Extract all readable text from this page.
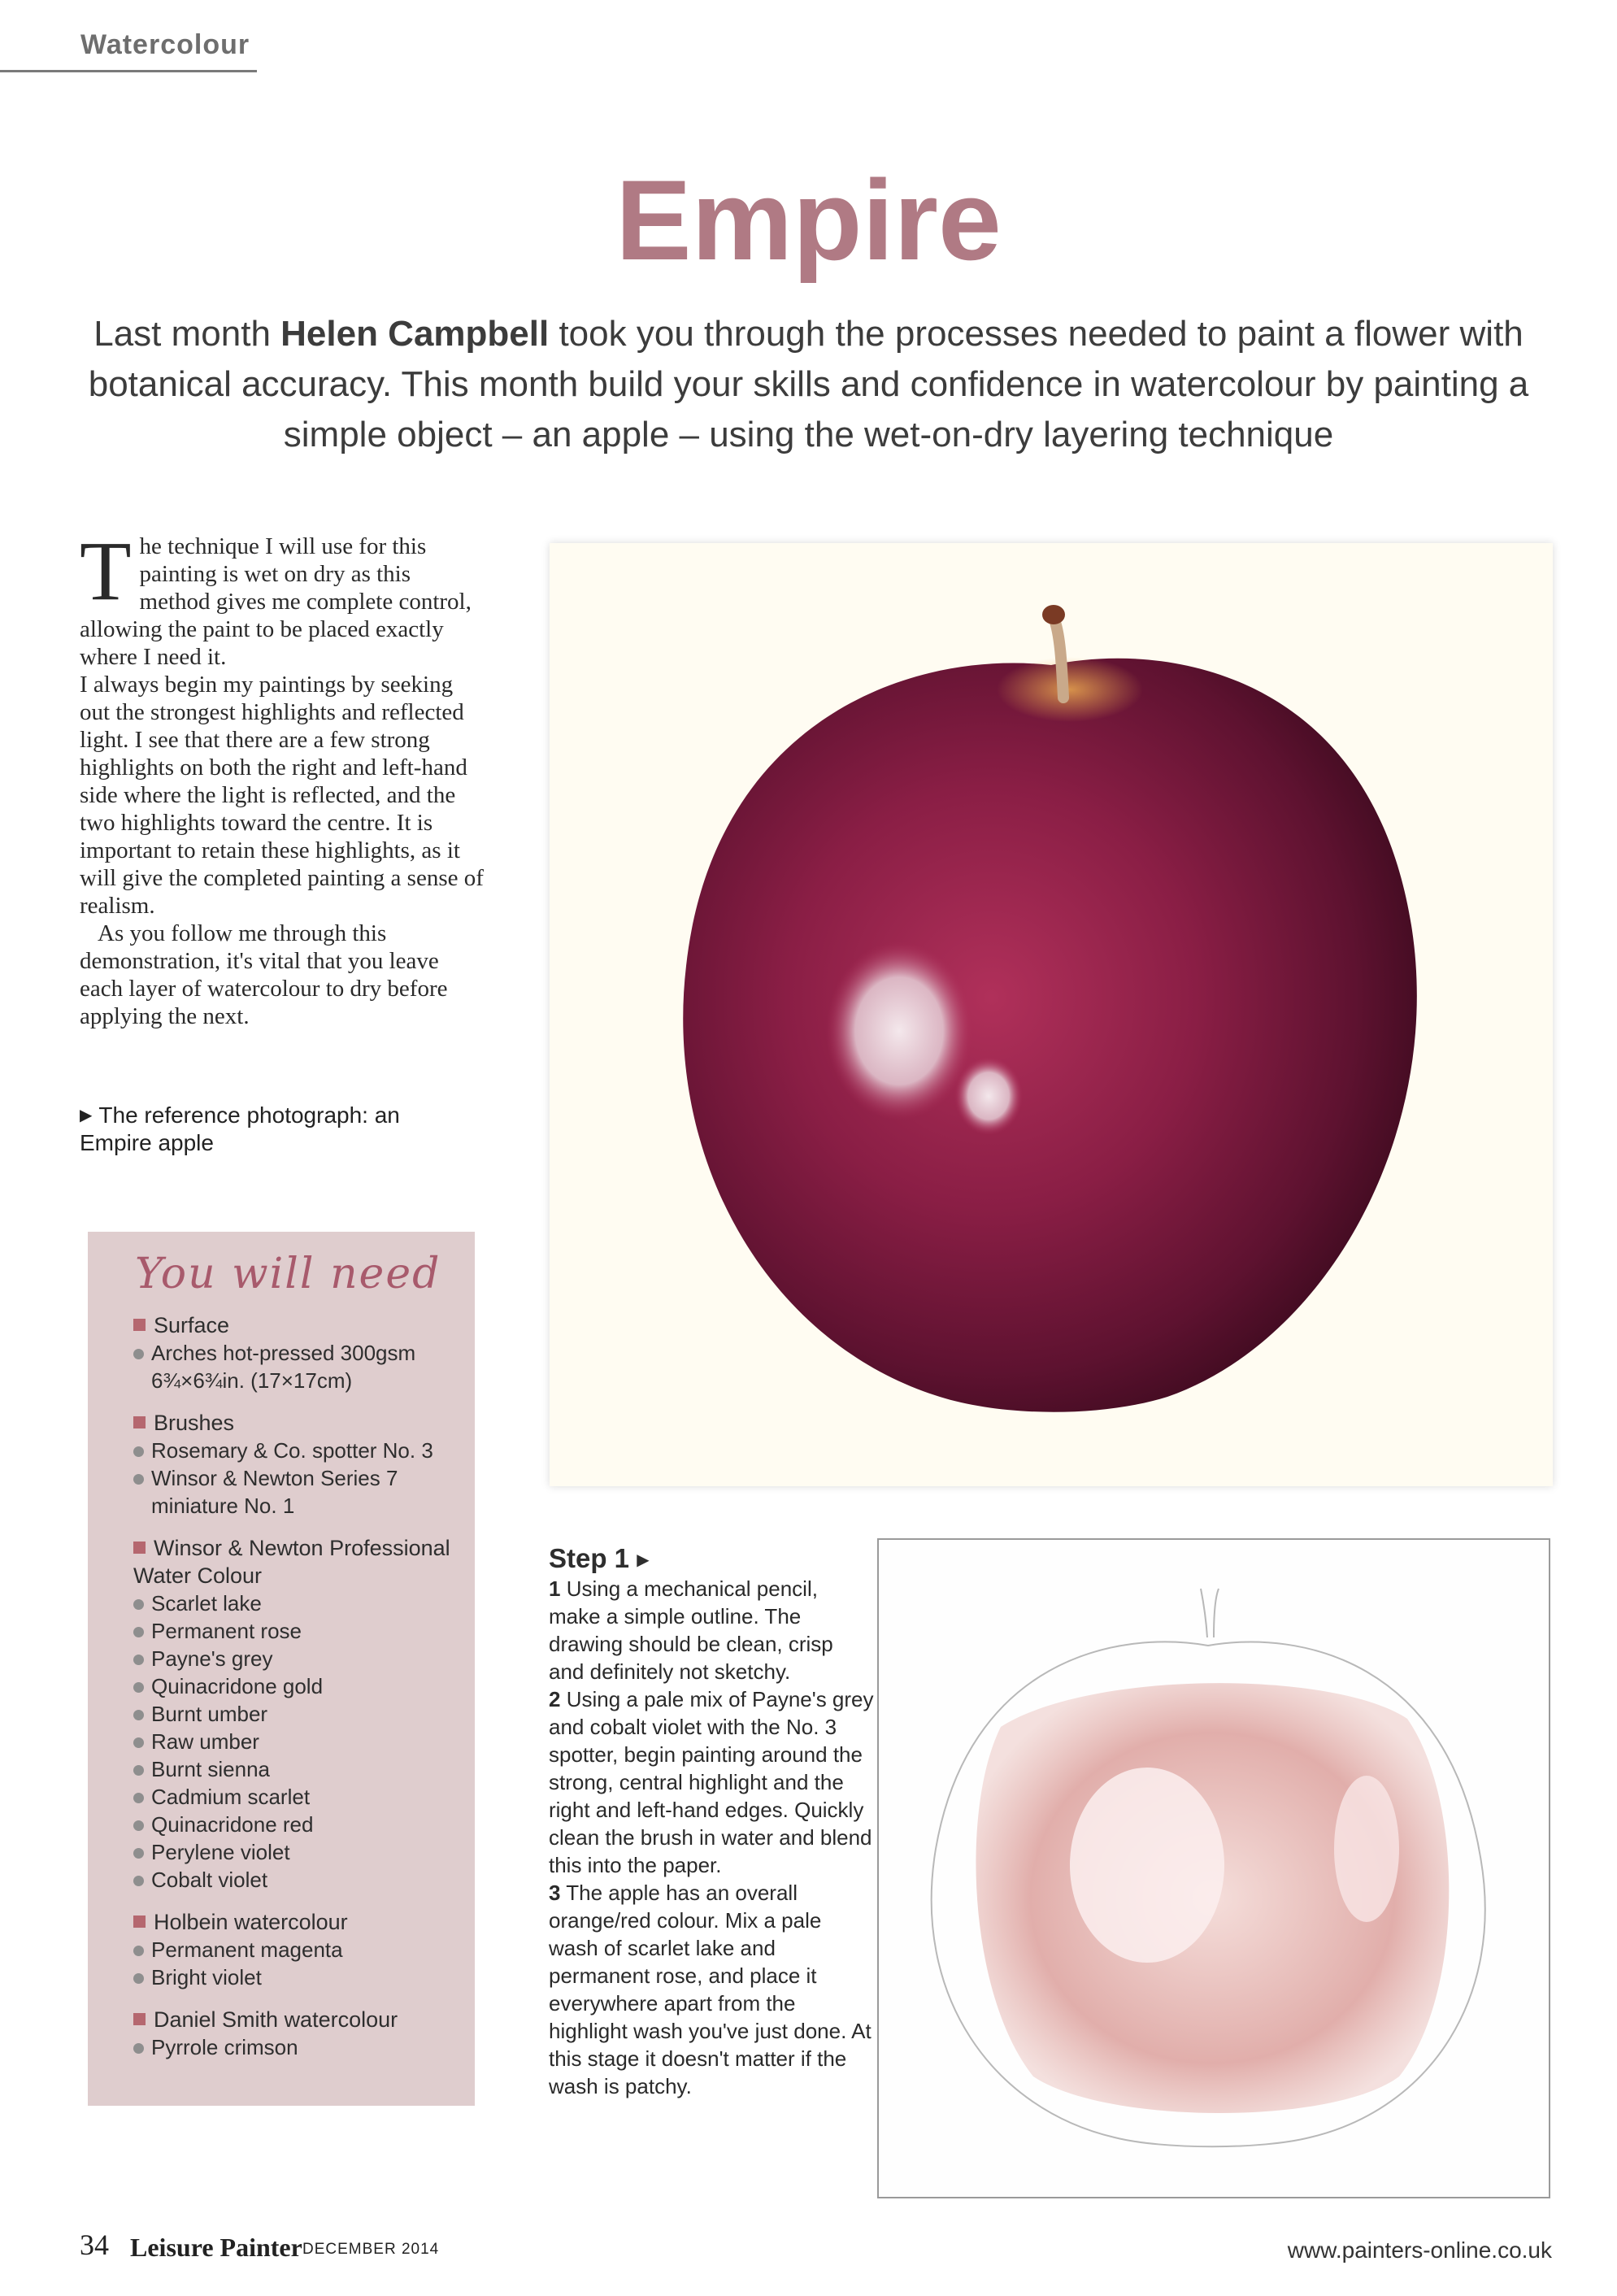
Watercolour
Empire
Last month Helen Campbell took you through the processes needed to paint a flower with botanical accuracy. This month build your skills and confidence in watercolour by painting a simple object – an apple – using the wet-on-dry layering technique

The technique I will use for this painting is wet on dry as this method gives me complete control, allowing the paint to be placed exactly where I need it.

I always begin my paintings by seeking out the strongest highlights and reflected light. I see that there are a few strong highlights on both the right and left-hand side where the light is reflected, and the two highlights toward the centre. It is important to retain these highlights, as it will give the completed painting a sense of realism.

As you follow me through this demonstration, it's vital that you leave each layer of watercolour to dry before applying the next.

▶ The reference photograph: an Empire apple
You will need
Surface
Arches hot-pressed 300gsm 6¾×6¾in. (17×17cm)
Brushes
Rosemary & Co. spotter No. 3
Winsor & Newton Series 7 miniature No. 1
Winsor & Newton Professional Water Colour
Scarlet lake
Permanent rose
Payne's grey
Quinacridone gold
Burnt umber
Raw umber
Burnt sienna
Cadmium scarlet
Quinacridone red
Perylene violet
Cobalt violet
Holbein watercolour
Permanent magenta
Bright violet
Daniel Smith watercolour
Pyrrole crimson
Step 1 ▶

1 Using a mechanical pencil, make a simple outline. The drawing should be clean, crisp and definitely not sketchy.

2 Using a pale mix of Payne's grey and cobalt violet with the No. 3 spotter, begin painting around the strong, central highlight and the right and left-hand edges. Quickly clean the brush in water and blend this into the paper.

3 The apple has an overall orange/red colour. Mix a pale wash of scarlet lake and permanent rose, and place it everywhere apart from the highlight wash you've just done. At this stage it doesn't matter if the wash is patchy.

34 Leisure Painter DECEMBER 2014	www.painters-online.co.uk
